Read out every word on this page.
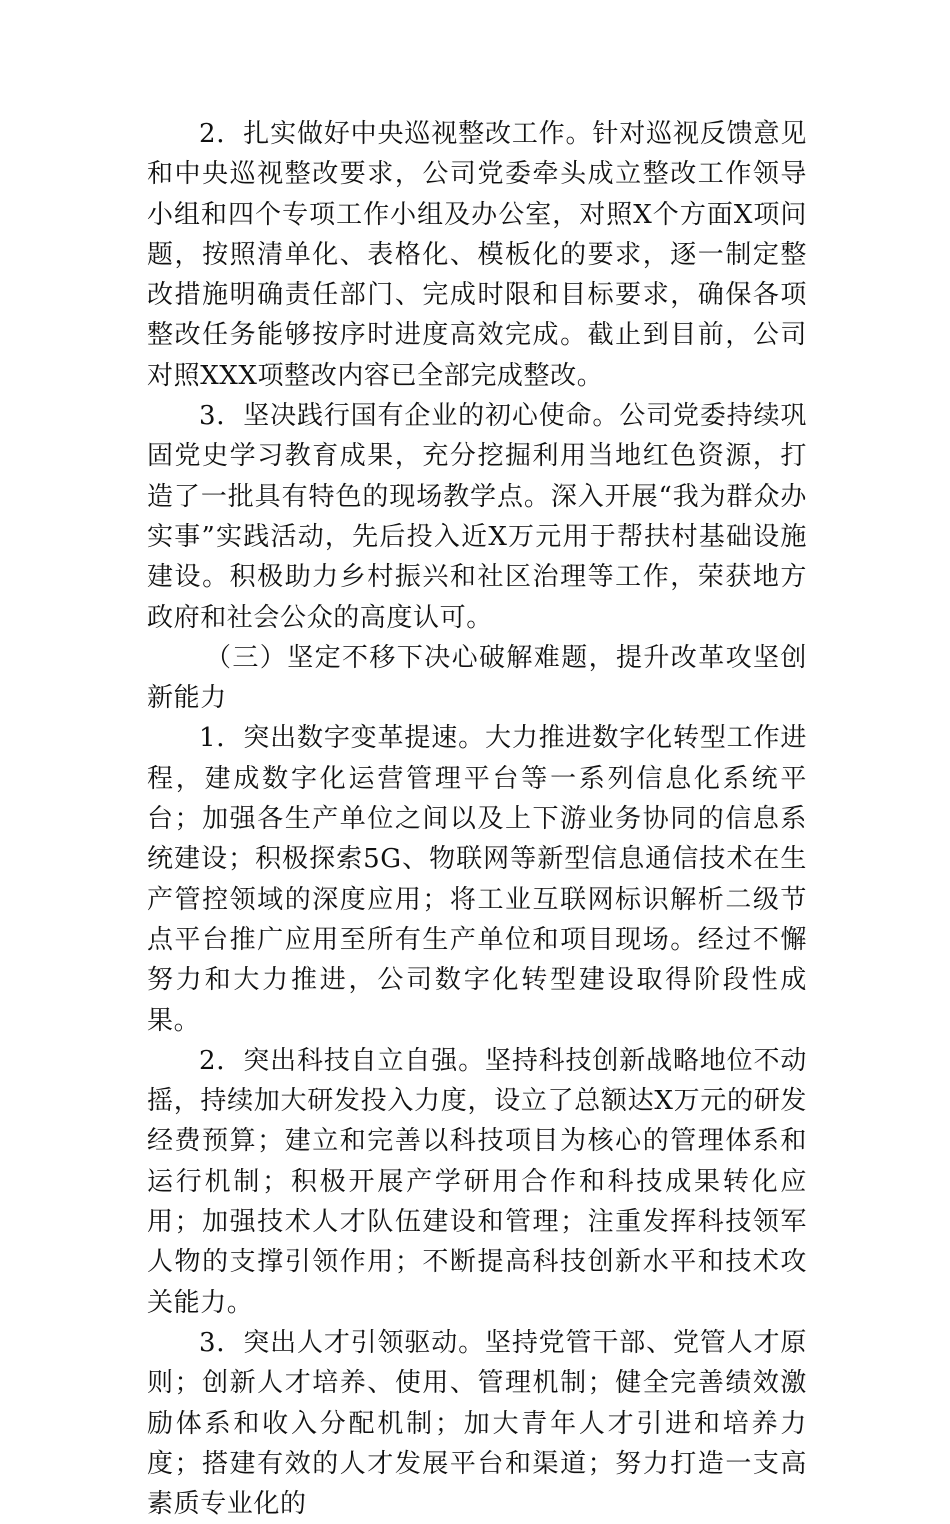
2．扎实做好中央巡视整改工作。针对巡视反馈意见和中央巡视整改要求，公司党委牵头成立整改工作领导小组和四个专项工作小组及办公室，对照X个方面X项问题，按照清单化、表格化、模板化的要求，逐一制定整改措施明确责任部门、完成时限和目标要求，确保各项整改任务能够按序时进度高效完成。截止到目前，公司对照XXX项整改内容已全部完成整改。

3．坚决践行国有企业的初心使命。公司党委持续巩固党史学习教育成果，充分挖掘利用当地红色资源，打造了一批具有特色的现场教学点。深入开展“我为群众办实事”实践活动，先后投入近X万元用于帮扶村基础设施建设。积极助力乡村振兴和社区治理等工作，荣获地方政府和社会公众的高度认可。

（三）坚定不移下决心破解难题，提升改革攻坚创新能力

1．突出数字变革提速。大力推进数字化转型工作进程，建成数字化运营管理平台等一系列信息化系统平台；加强各生产单位之间以及上下游业务协同的信息系统建设；积极探索5G、物联网等新型信息通信技术在生产管控领域的深度应用；将工业互联网标识解析二级节点平台推广应用至所有生产单位和项目现场。经过不懈努力和大力推进，公司数字化转型建设取得阶段性成果。

2．突出科技自立自强。坚持科技创新战略地位不动摇，持续加大研发投入力度，设立了总额达X万元的研发经费预算；建立和完善以科技项目为核心的管理体系和运行机制；积极开展产学研用合作和科技成果转化应用；加强技术人才队伍建设和管理；注重发挥科技领军人物的支撑引领作用；不断提高科技创新水平和技术攻关能力。

3．突出人才引领驱动。坚持党管干部、党管人才原则；创新人才培养、使用、管理机制；健全完善绩效激励体系和收入分配机制；加大青年人才引进和培养力度；搭建有效的人才发展平台和渠道；努力打造一支高素质专业化的
